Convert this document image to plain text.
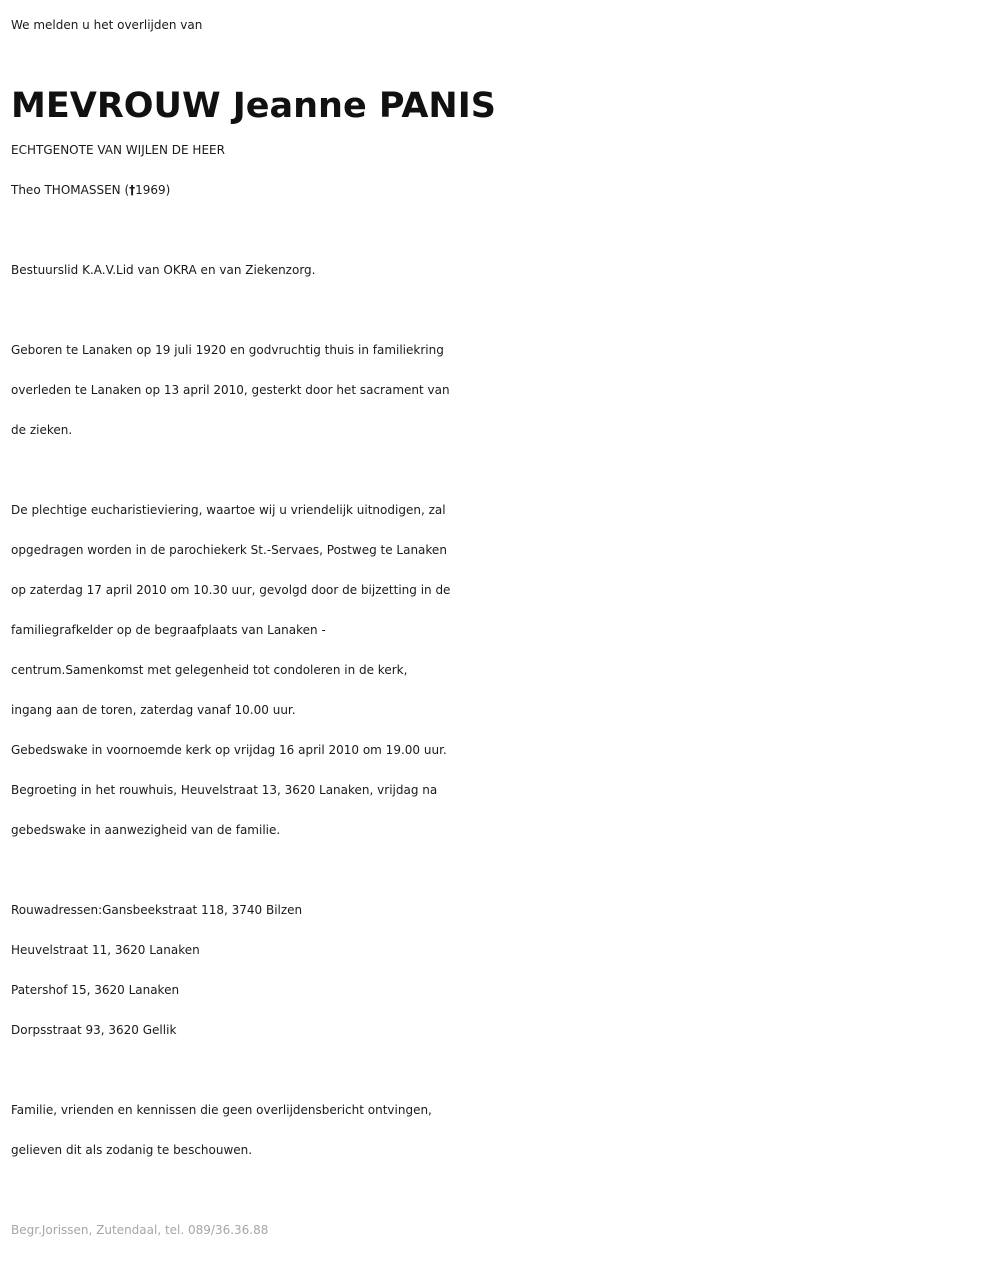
We melden u het overlijden van
MEVROUW Jeanne PANIS
ECHTGENOTE VAN WIJLEN DE HEER
Theo THOMASSEN (†1969)
Bestuurslid K.A.V.Lid van OKRA en van Ziekenzorg.
Geboren te Lanaken op 19 juli 1920 en godvruchtig thuis in familiekring
overleden te Lanaken op 13 april 2010, gesterkt door het sacrament van
de zieken.
De plechtige eucharistieviering, waartoe wij u vriendelijk uitnodigen, zal
opgedragen worden in de parochiekerk St.-Servaes, Postweg te Lanaken
op zaterdag 17 april 2010 om 10.30 uur, gevolgd door de bijzetting in de
familiegrafkelder op de begraafplaats van Lanaken -
centrum.Samenkomst met gelegenheid tot condoleren in de kerk,
ingang aan de toren, zaterdag vanaf 10.00 uur.
Gebedswake in voornoemde kerk op vrijdag 16 april 2010 om 19.00 uur.
Begroeting in het rouwhuis, Heuvelstraat 13, 3620 Lanaken, vrijdag na
gebedswake in aanwezigheid van de familie.
Rouwadressen:Gansbeekstraat 118, 3740 Bilzen
Heuvelstraat 11, 3620 Lanaken
Patershof 15, 3620 Lanaken
Dorpsstraat 93, 3620 Gellik
Familie, vrienden en kennissen die geen overlijdensbericht ontvingen,
gelieven dit als zodanig te beschouwen.
Begr.Jorissen, Zutendaal, tel. 089/36.36.88
